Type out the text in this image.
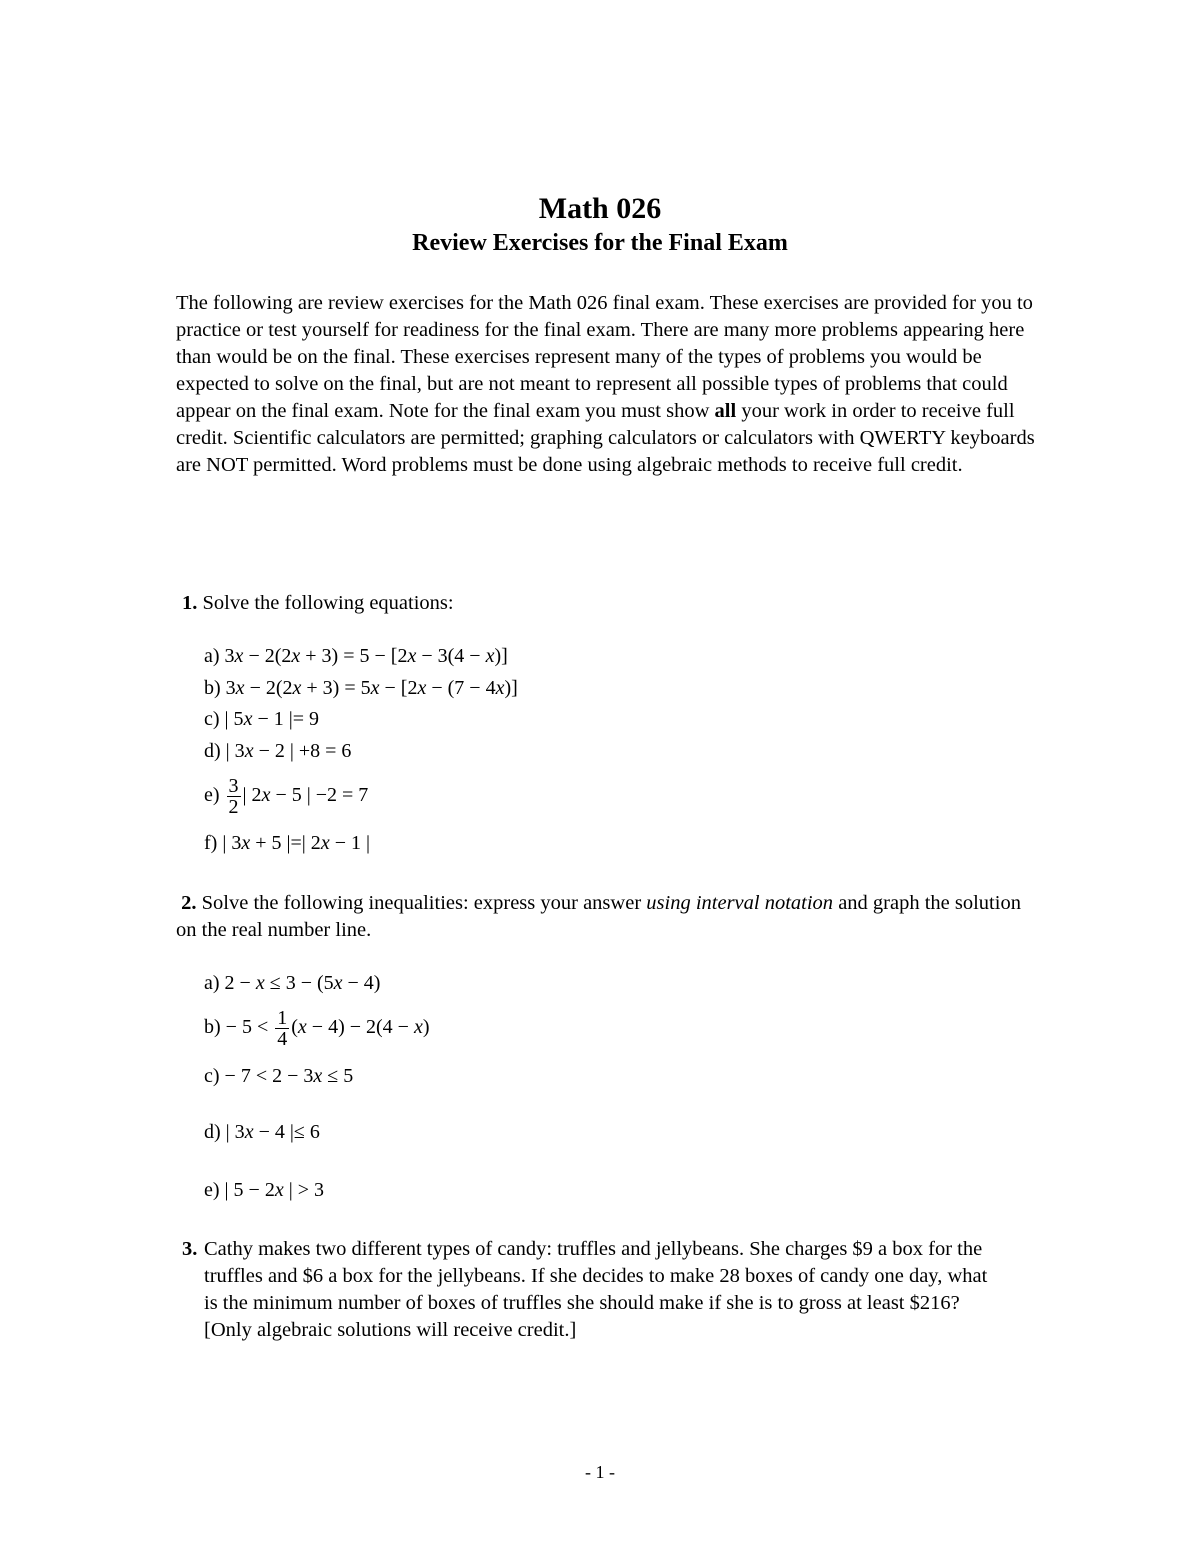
Math 026
Review Exercises for the Final Exam
The following are review exercises for the Math 026 final exam. These exercises are provided for you to practice or test yourself for readiness for the final exam. There are many more problems appearing here than would be on the final. These exercises represent many of the types of problems you would be expected to solve on the final, but are not meant to represent all possible types of problems that could appear on the final exam. Note for the final exam you must show all your work in order to receive full credit. Scientific calculators are permitted; graphing calculators or calculators with QWERTY keyboards are NOT permitted. Word problems must be done using algebraic methods to receive full credit.
1. Solve the following equations:
a) 3x − 2(2x + 3) = 5 − [2x − 3(4 − x)]
b) 3x − 2(2x + 3) = 5x − [2x − (7 − 4x)]
c) | 5x − 1 |= 9
d) | 3x − 2 | +8 = 6
$e) \frac{3}{2}$ | 2x − 5 | −2 = 7
f) | 3x + 5 |=| 2x − 1 |
2. Solve the following inequalities: express your answer using interval notation and graph the solution on the real number line.
a) 2 − x ≤ 3 − (5x − 4)
$b) - 5 < \frac{1}{4} (x - 4) - 2(4 - x)$
c) − 7 < 2 − 3x ≤ 5
d) | 3x − 4 |≤ 6
e) | 5 − 2x | > 3
3. Cathy makes two different types of candy: truffles and jellybeans. She charges $9 a box for the truffles and $6 a box for the jellybeans. If she decides to make 28 boxes of candy one day, what is the minimum number of boxes of truffles she should make if she is to gross at least $216? [Only algebraic solutions will receive credit.]
- 1 -
